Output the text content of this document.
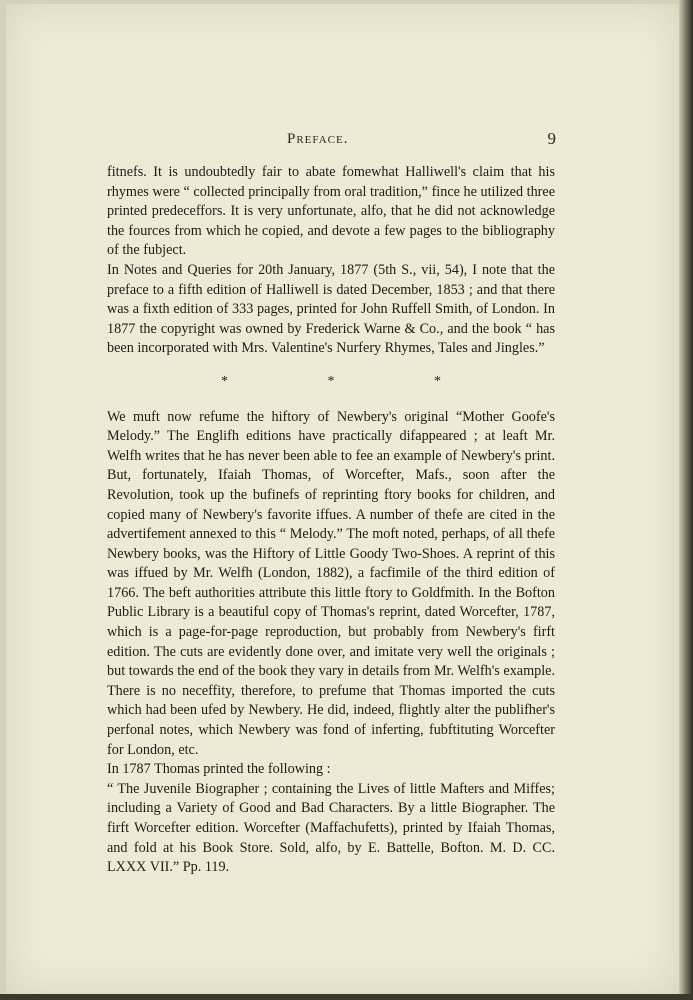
Preface.	9

fitnefs. It is undoubtedly fair to abate fomewhat Halliwell's claim that his rhymes were “ collected principally from oral tradition,” fince he utilized three printed predeceffors. It is very unfortunate, alfo, that he did not acknowledge the fources from which he copied, and devote a few pages to the bibliography of the fubject.

In Notes and Queries for 20th January, 1877 (5th S., vii, 54), I note that the preface to a fifth edition of Halliwell is dated December, 1853 ; and that there was a fixth edition of 333 pages, printed for John Ruffell Smith, of London. In 1877 the copyright was owned by Frederick Warne & Co., and the book “ has been incorporated with Mrs. Valentine's Nurfery Rhymes, Tales and Jingles.”

* * *

We muft now refume the hiftory of Newbery's original “Mother Goofe's Melody.” The Englifh editions have practically difappeared ; at leaft Mr. Welfh writes that he has never been able to fee an example of Newbery's print. But, fortunately, Ifaiah Thomas, of Worcefter, Mafs., soon after the Revolution, took up the bufinefs of reprinting ftory books for children, and copied many of Newbery's favorite iffues. A number of thefe are cited in the advertifement annexed to this “ Melody.” The moft noted, perhaps, of all thefe Newbery books, was the Hiftory of Little Goody Two-Shoes. A reprint of this was iffued by Mr. Welfh (London, 1882), a facfimile of the third edition of 1766. The beft authorities attribute this little ftory to Goldfmith. In the Bofton Public Library is a beautiful copy of Thomas's reprint, dated Worcefter, 1787, which is a page-for-page reproduction, but probably from Newbery's firft edition. The cuts are evidently done over, and imitate very well the originals ; but towards the end of the book they vary in details from Mr. Welfh's example. There is no neceffity, therefore, to prefume that Thomas imported the cuts which had been ufed by Newbery. He did, indeed, flightly alter the publifher's perfonal notes, which Newbery was fond of inferting, fubftituting Worcefter for London, etc.

In 1787 Thomas printed the following :

“ The Juvenile Biographer ; containing the Lives of little Mafters and Miffes; including a Variety of Good and Bad Characters. By a little Biographer. The firft Worcefter edition. Worcefter (Maffachufetts), printed by Ifaiah Thomas, and fold at his Book Store. Sold, alfo, by E. Battelle, Bofton. M. D. CC. LXXX VII.” Pp. 119.
